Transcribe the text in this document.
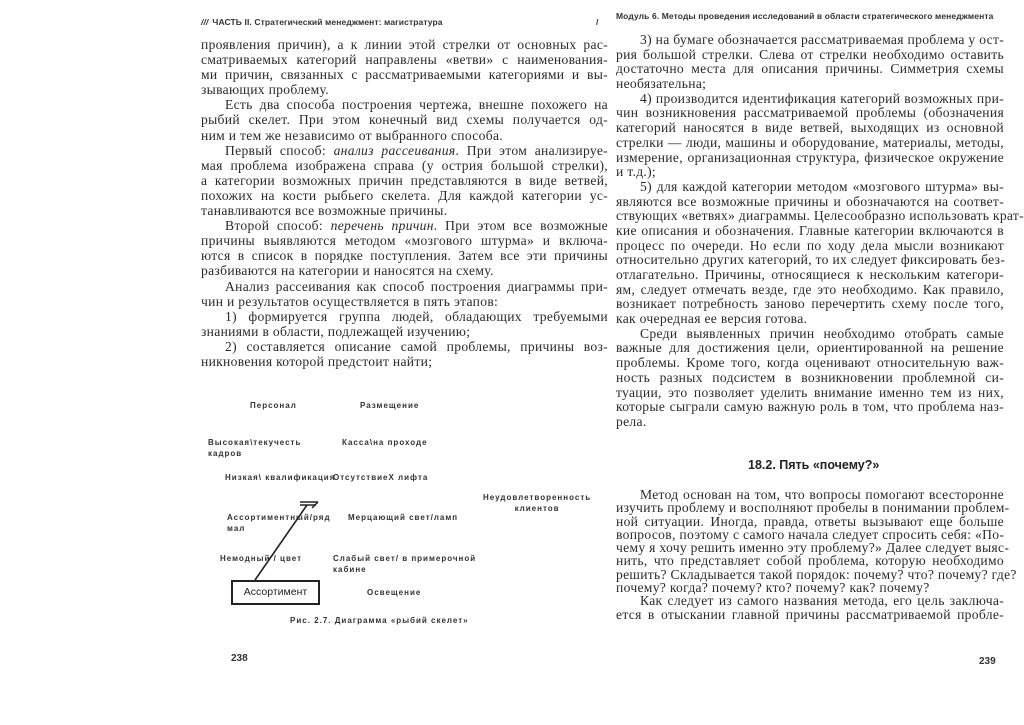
/// ЧАСТЬ II. Стратегический менеджмент: магистратура	/
проявления причин), а к линии этой стрелки от основных рас-
сматриваемых категорий направлены «ветви» с наименования-
ми причин, связанных с рассматриваемыми категориями и вы-
зывающих проблему.
Есть два способа построения чертежа, внешне похожего на
рыбий скелет. При этом конечный вид схемы получается од-
ним и тем же независимо от выбранного способа.
Первый способ: анализ рассеивания. При этом анализируе-
мая проблема изображена справа (у острия большой стрелки),
а категории возможных причин представляются в виде ветвей,
похожих на кости рыбьего скелета. Для каждой категории ус-
танавливаются все возможные причины.
Второй способ: перечень причин. При этом все возможные
причины выявляются методом «мозгового штурма» и включа-
ются в список в порядке поступления. Затем все эти причины
разбиваются на категории и наносятся на схему.
Анализ рассеивания как способ построения диаграммы при-
чин и результатов осуществляется в пять этапов:
1) формируется группа людей, обладающих требуемыми
знаниями в области, подлежащей изучению;
2) составляется описание самой проблемы, причины воз-
никновения которой предстоит найти;
Персонал	Размещение
Высокая\текучесть
кадров
Касса\на проходе
Низкая\ квалификация
ОтсутствиеХ лифта
Неудовлетворенность
клиентов
Ассортиментный/ряд
мал
Мерцающий свет/ламп
Немодный / цвет	Слабый свет/ в примерочной
кабине
Ассортимент	Освещение
Рис. 2.7. Диаграмма «рыбий скелет»
238
Модуль 6. Методы проведения исследований в области стратегического менеджмента
3) на бумаге обозначается рассматриваемая проблема у ост-
рия большой стрелки. Слева от стрелки необходимо оставить
достаточно места для описания причины. Симметрия схемы
необязательна;
4) производится идентификация категорий возможных при-
чин возникновения рассматриваемой проблемы (обозначения
категорий наносятся в виде ветвей, выходящих из основной
стрелки — люди, машины и оборудование, материалы, методы,
измерение, организационная структура, физическое окружение
и т.д.);
5) для каждой категории методом «мозгового штурма» вы-
являются все возможные причины и обозначаются на соответ-
ствующих «ветвях» диаграммы. Целесообразно использовать крат-
кие описания и обозначения. Главные категории включаются в
процесс по очереди. Но если по ходу дела мысли возникают
относительно других категорий, то их следует фиксировать без-
отлагательно. Причины, относящиеся к нескольким категори-
ям, следует отмечать везде, где это необходимо. Как правило,
возникает потребность заново перечертить схему после того,
как очередная ее версия готова.
Среди выявленных причин необходимо отобрать самые
важные для достижения цели, ориентированной на решение
проблемы. Кроме того, когда оценивают относительную важ-
ность разных подсистем в возникновении проблемной си-
туации, это позволяет уделить внимание именно тем из них,
которые сыграли самую важную роль в том, что проблема наз-
рела.
18.2. Пять «почему?»
Метод основан на том, что вопросы помогают всесторонне
изучить проблему и восполняют пробелы в понимании проблем-
ной ситуации. Иногда, правда, ответы вызывают еще больше
вопросов, поэтому с самого начала следует спросить себя: «По-
чему я хочу решить именно эту проблему?» Далее следует выяс-
нить, что представляет собой проблема, которую необходимо
решить? Складывается такой порядок: почему? что? почему? где?
почему? когда? почему? кто? почему? как? почему?
Как следует из самого названия метода, его цель заключа-
ется в отыскании главной причины рассматриваемой пробле-
239
